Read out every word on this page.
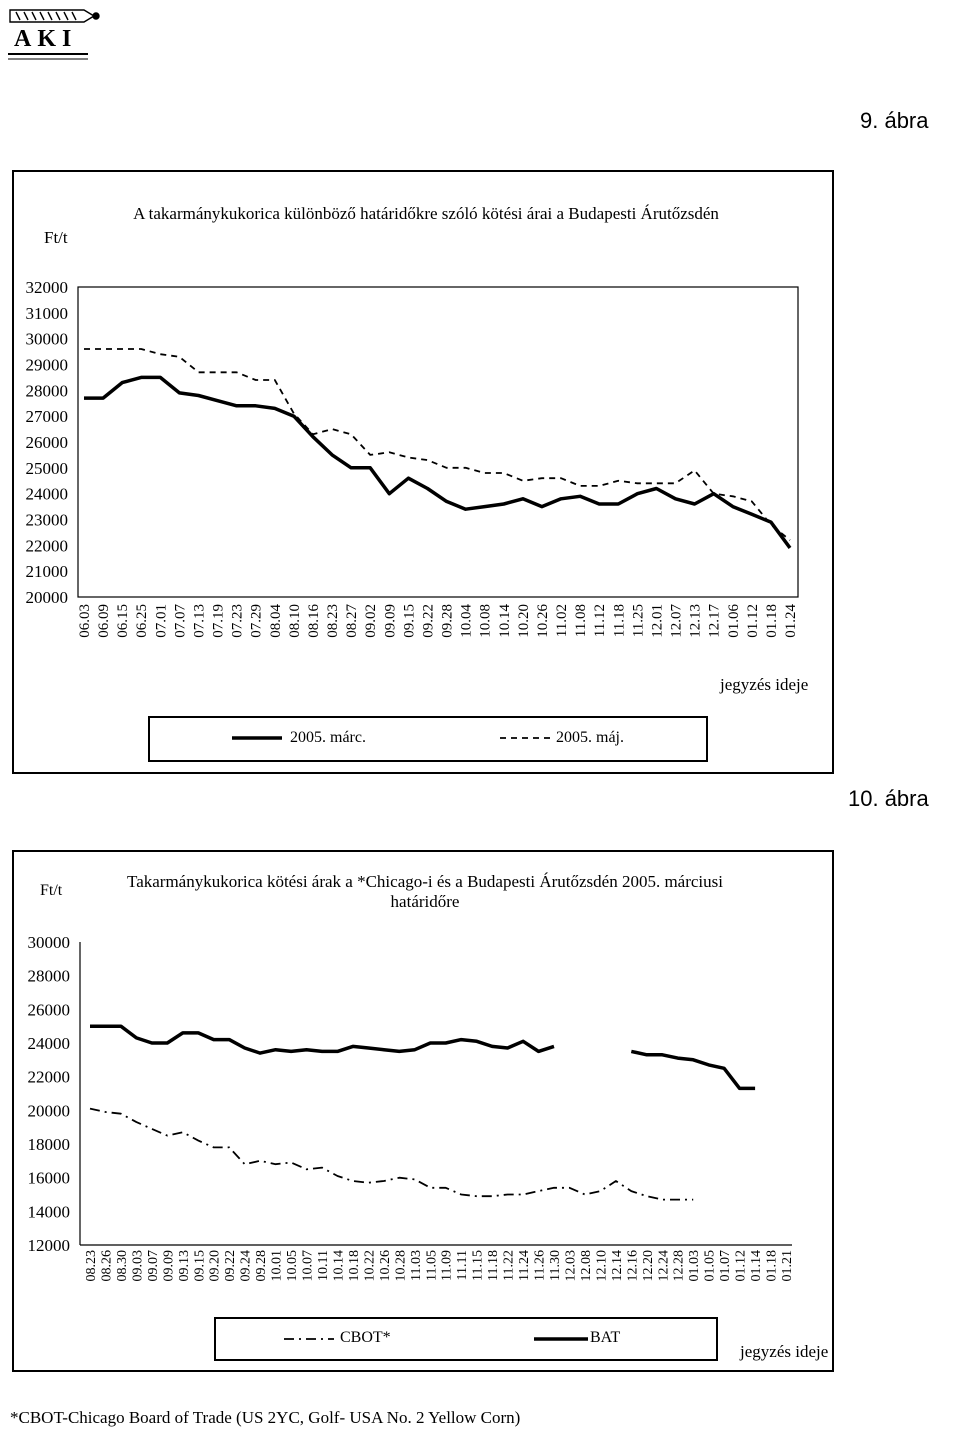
AKI
9. ábra
Ft/t
A takarmánykukorica különböző határidőkre szóló kötési árai a Budapesti Árutőzsdén
32000
31000
30000
29000
28000
27000
26000
25000
24000
23000
22000
21000
20000
06.03 06.09 06.15 06.25 07.01 07.07 07.13 07.19 07.23 07.29 08.04 08.10 08.16 08.23 08.27 09.02 09.09 09.15 09.22 09.28 10.04 10.08 10.14 10.20 10.26 11.02 11.08 11.12 11.18 11.25 12.01 12.07 12.13 12.17 01.06 01.12 01.18 01.24
jegyzés ideje
2005. márc.	2005. máj.
10. ábra
Ft/t	Takarmánykukorica kötési árak a *Chicago-i és a Budapesti Árutőzsdén 2005. márciusi határidőre
30000
28000
26000
24000
22000
20000
18000
16000
14000
12000
08.23 08.26 08.30 09.03 09.07 09.09 09.13 09.15 09.20 09.22 09.24 09.28 10.01 10.05 10.07 10.11 10.14 10.18 10.22 10.26 10.28 11.03 11.05 11.09 11.11 11.15 11.18 11.22 11.24 11.26 11.30 12.03 12.08 12.10 12.14 12.16 12.20 12.24 12.28 01.03 01.05 01.07 01.12 01.14 01.18 01.21
CBOT*	BAT
jegyzés ideje
*CBOT-Chicago Board of Trade (US 2YC, Golf- USA No. 2 Yellow Corn)
